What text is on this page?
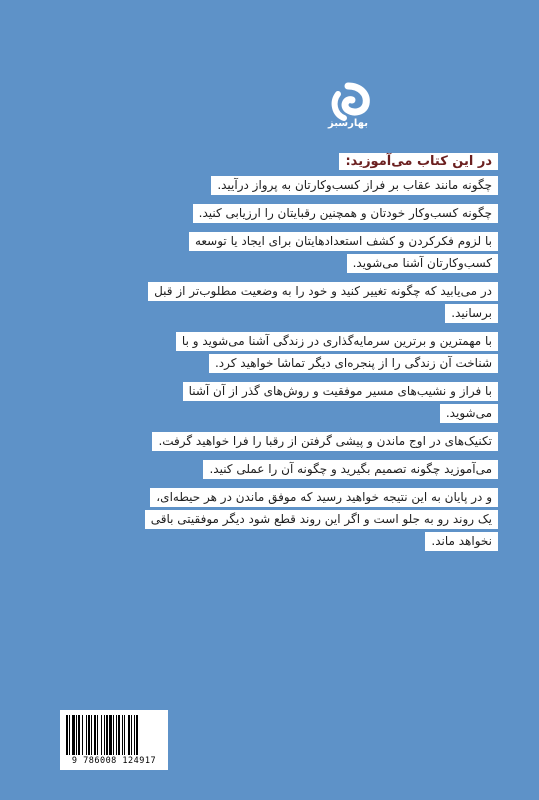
بهارسبز
در این کتاب می‌آموزید:
چگونه مانند عقاب بر فراز کسب‌وکارتان به پرواز درآیید.
چگونه کسب‌وکار خودتان و همچنین رقبایتان را ارزیابی کنید.
با لزوم فکرکردن و کشف استعدادهایتان برای ایجاد یا توسعه
کسب‌وکارتان آشنا می‌شوید.
در می‌یابید که چگونه تغییر کنید و خود را به وضعیت مطلوب‌تر از قبل
برسانید.
با مهمترین و برترین سرمایه‌گذاری در زندگی آشنا می‌شوید و با
شناخت آن زندگی را از پنجره‌ای دیگر تماشا خواهید کرد.
با فراز و نشیب‌های مسیر موفقیت و روش‌های گذر از آن آشنا
می‌شوید.
تکنیک‌های در اوج ماندن و پیشی گرفتن از رقبا را فرا خواهید گرفت.
می‌آموزید چگونه تصمیم بگیرید و چگونه آن را عملی کنید.
و در پایان به این نتیجه خواهید رسید که موفق ماندن در هر حیطه‌ای،
یک روند رو به جلو است و اگر این روند قطع شود دیگر موفقیتی باقی
نخواهد ماند.
9 786008 124917
